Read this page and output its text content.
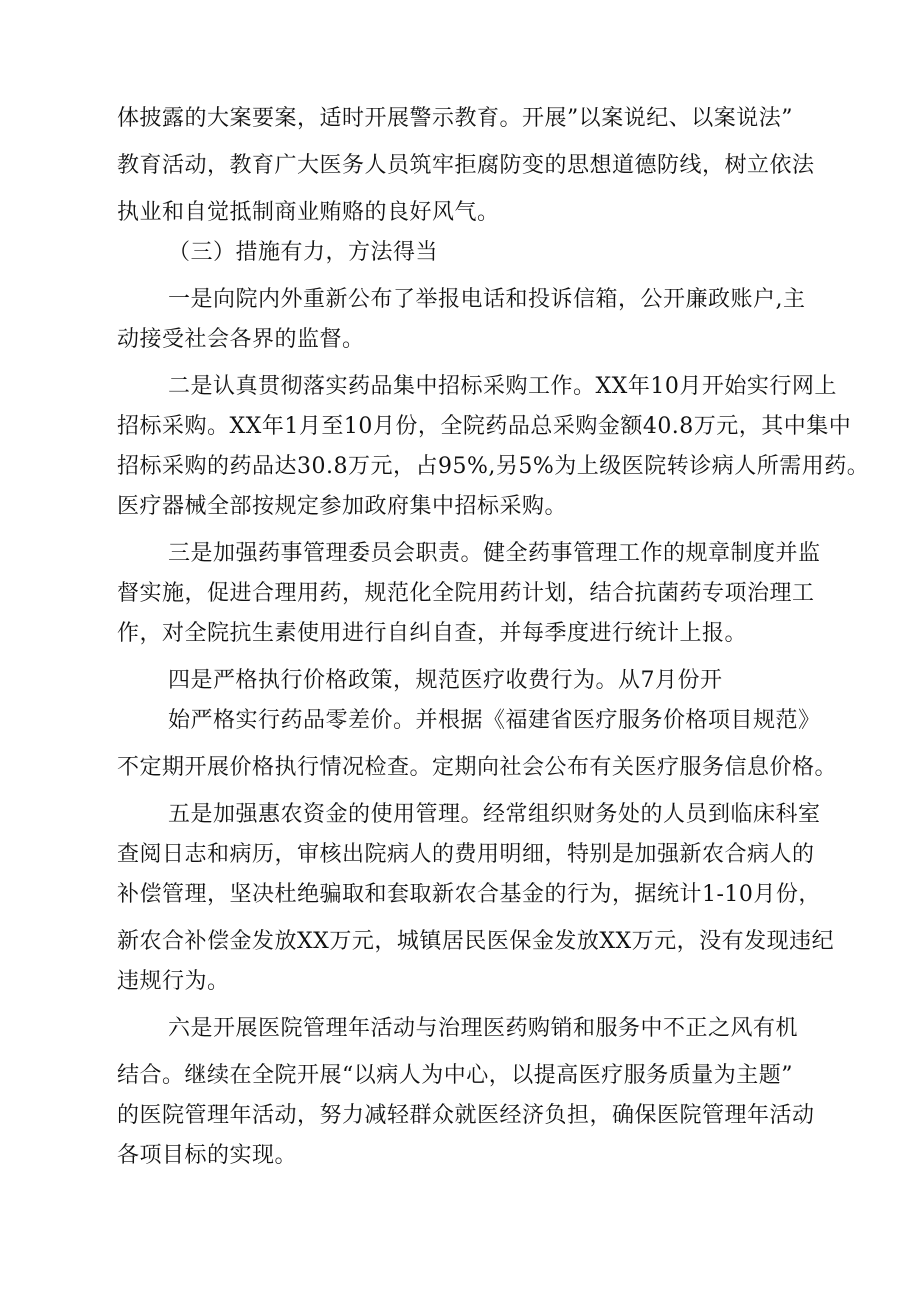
体披露的大案要案，适时开展警示教育。开展”以案说纪、以案说法”
教育活动，教育广大医务人员筑牢拒腐防变的思想道德防线，树立依法
执业和自觉抵制商业贿赂的良好风气。
（三）措施有力，方法得当
一是向院内外重新公布了举报电话和投诉信箱，公开廉政账户,主
动接受社会各界的监督。
二是认真贯彻落实药品集中招标采购工作。XX年10月开始实行网上
招标采购。XX年1月至10月份，全院药品总采购金额40.8万元，其中集中
招标采购的药品达30.8万元，占95%,另5%为上级医院转诊病人所需用药。
医疗器械全部按规定参加政府集中招标采购。
三是加强药事管理委员会职责。健全药事管理工作的规章制度并监
督实施，促进合理用药，规范化全院用药计划，结合抗菌药专项治理工
作，对全院抗生素使用进行自纠自查，并每季度进行统计上报。
四是严格执行价格政策，规范医疗收费行为。从7月份开
始严格实行药品零差价。并根据《福建省医疗服务价格项目规范》
不定期开展价格执行情况检查。定期向社会公布有关医疗服务信息价格。
五是加强惠农资金的使用管理。经常组织财务处的人员到临床科室
查阅日志和病历，审核出院病人的费用明细，特别是加强新农合病人的
补偿管理，坚决杜绝骗取和套取新农合基金的行为，据统计1-10月份，
新农合补偿金发放XX万元，城镇居民医保金发放XX万元，没有发现违纪
违规行为。
六是开展医院管理年活动与治理医药购销和服务中不正之风有机
结合。继续在全院开展“以病人为中心，以提高医疗服务质量为主题”
的医院管理年活动，努力减轻群众就医经济负担，确保医院管理年活动
各项目标的实现。
